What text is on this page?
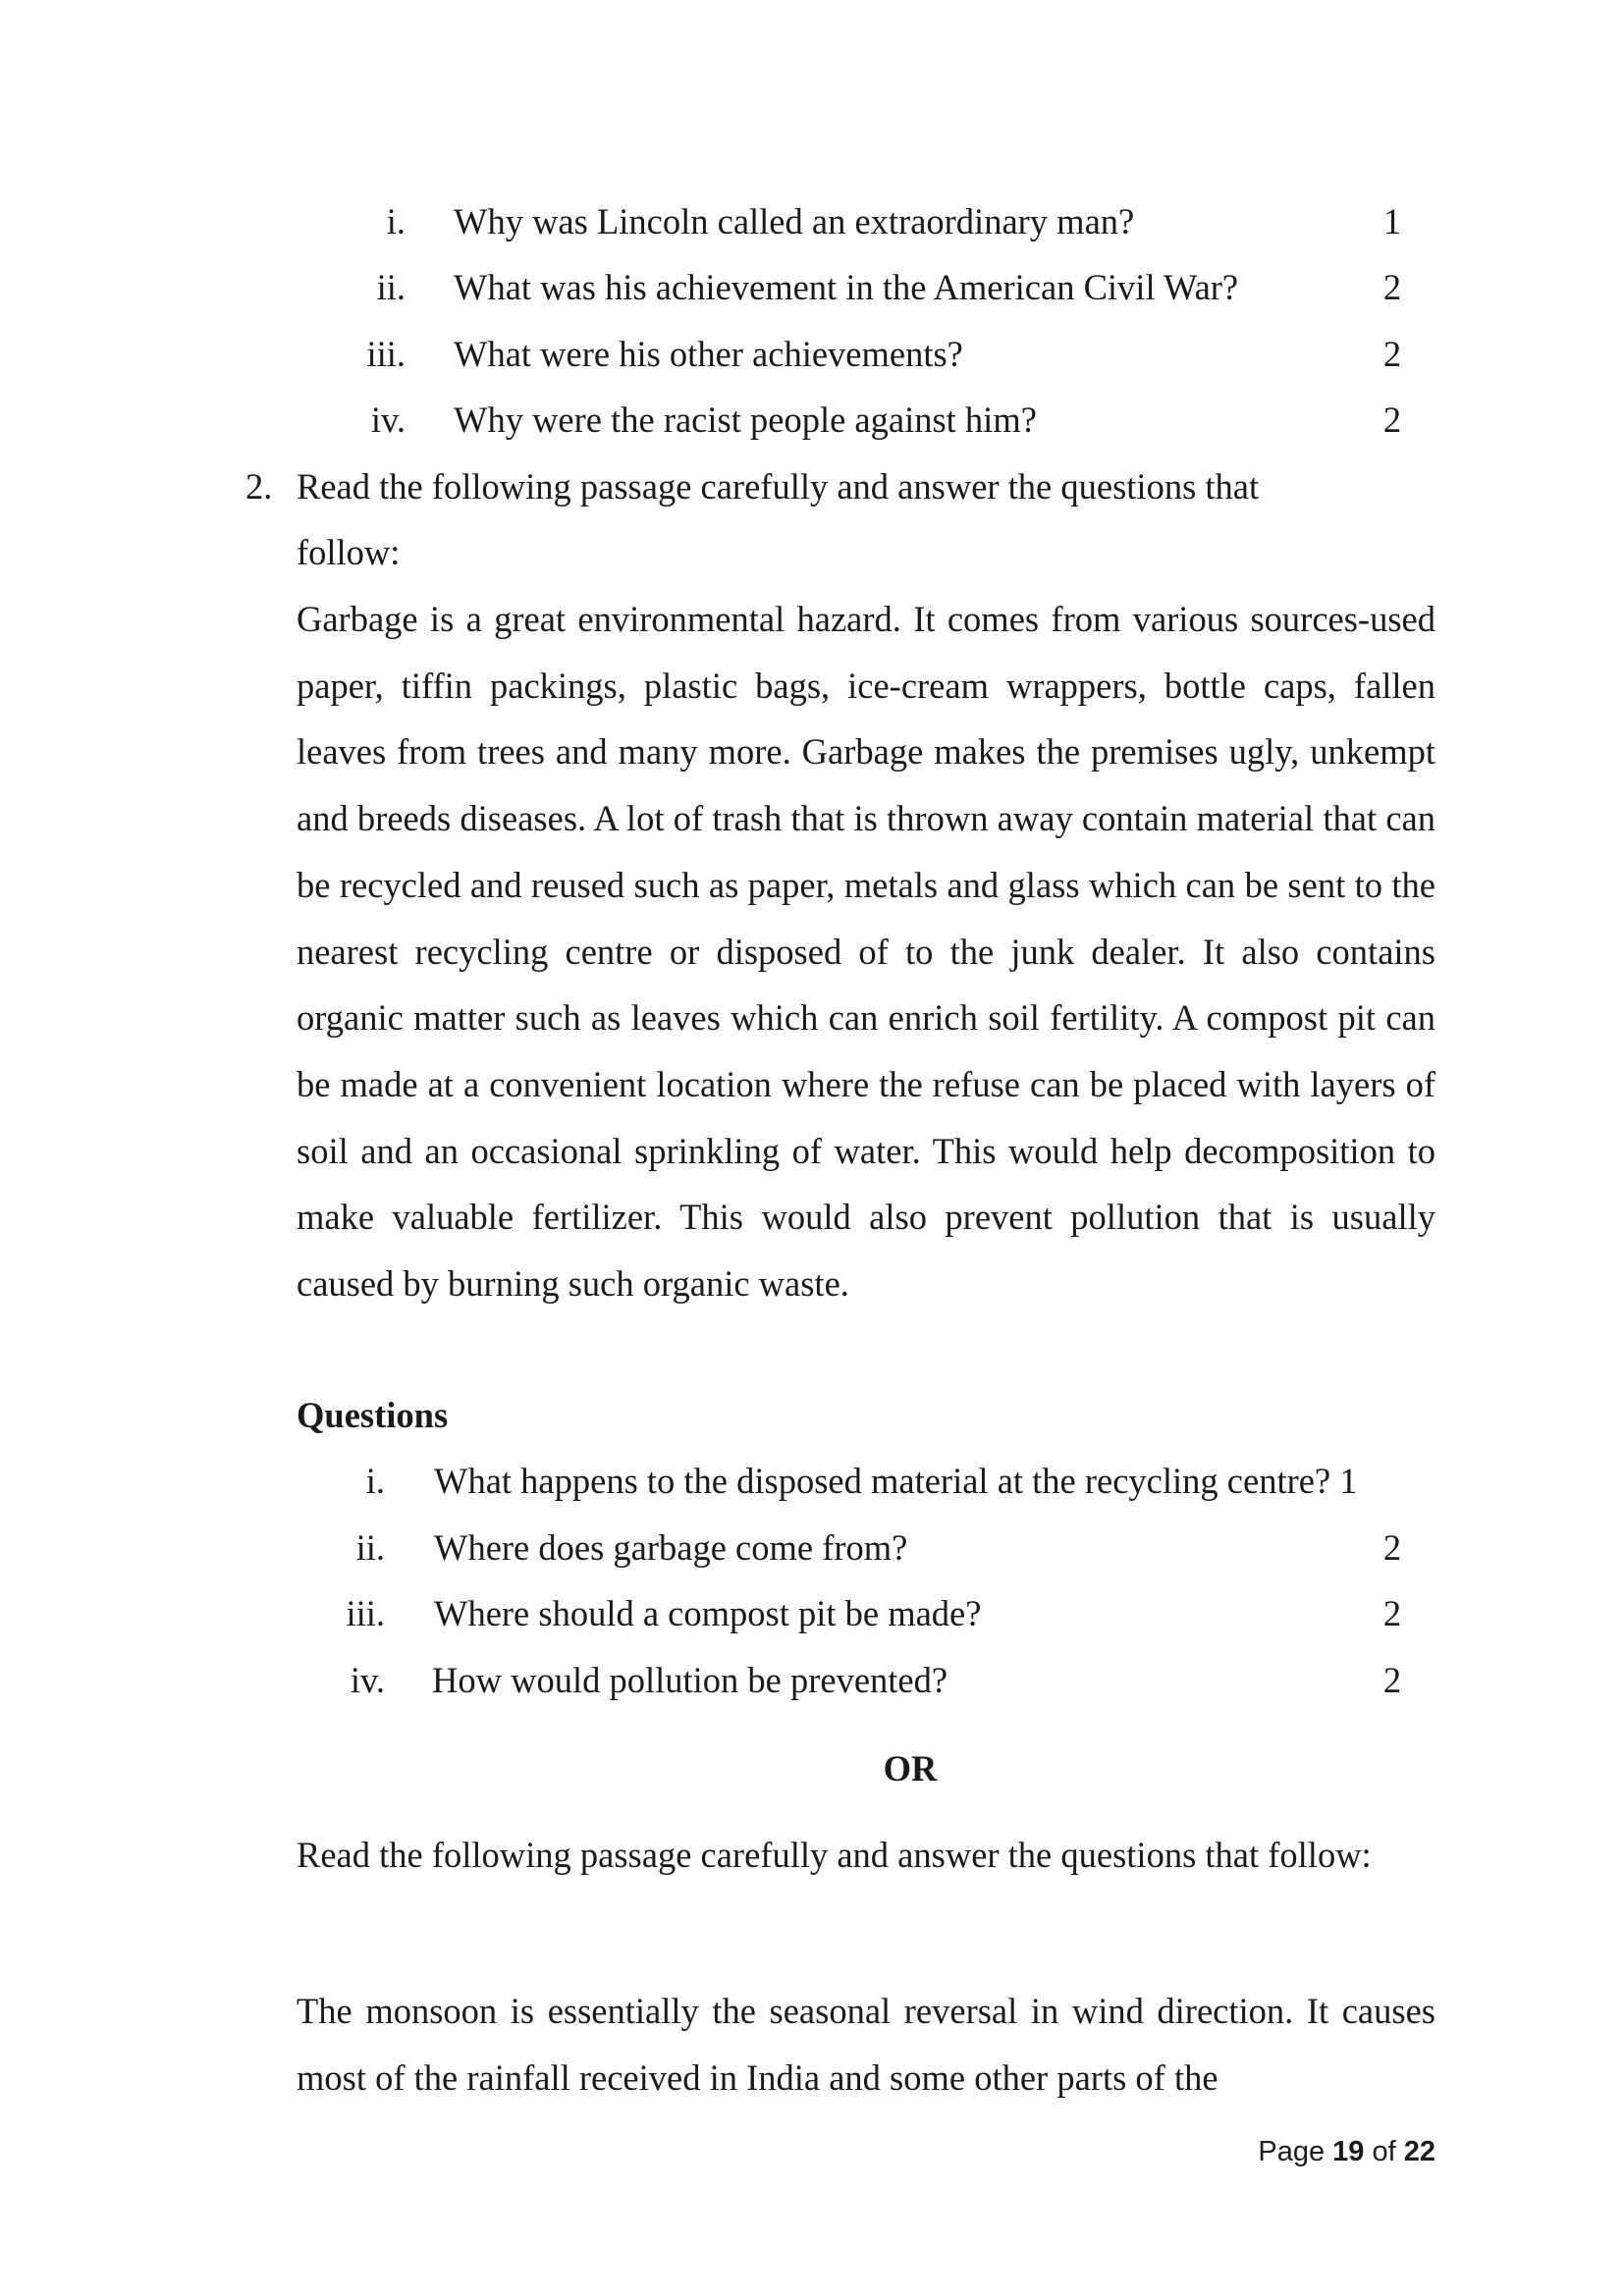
i. Why was Lincoln called an extraordinary man?	1
ii. What was his achievement in the American Civil War?	2
iii. What were his other achievements?	2
iv. Why were the racist people against him?	2
2. Read the following passage carefully and answer the questions that
follow:
Garbage is a great environmental hazard. It comes from various sources-used paper, tiffin packings, plastic bags, ice-cream wrappers, bottle caps, fallen leaves from trees and many more. Garbage makes the premises ugly, unkempt and breeds diseases. A lot of trash that is thrown away contain material that can be recycled and reused such as paper, metals and glass which can be sent to the nearest recycling centre or disposed of to the junk dealer. It also contains organic matter such as leaves which can enrich soil fertility. A compost pit can be made at a convenient location where the refuse can be placed with layers of soil and an occasional sprinkling of water. This would help decomposition to make valuable fertilizer. This would also prevent pollution that is usually caused by burning such organic waste.
Questions
i. What happens to the disposed material at the recycling centre? 1
ii. Where does garbage come from?	2
iii. Where should a compost pit be made?	2
iv. How would pollution be prevented?	2
OR
Read the following passage carefully and answer the questions that follow:
The monsoon is essentially the seasonal reversal in wind direction. It causes most of the rainfall received in India and some other parts of the
Page 19 of 22
